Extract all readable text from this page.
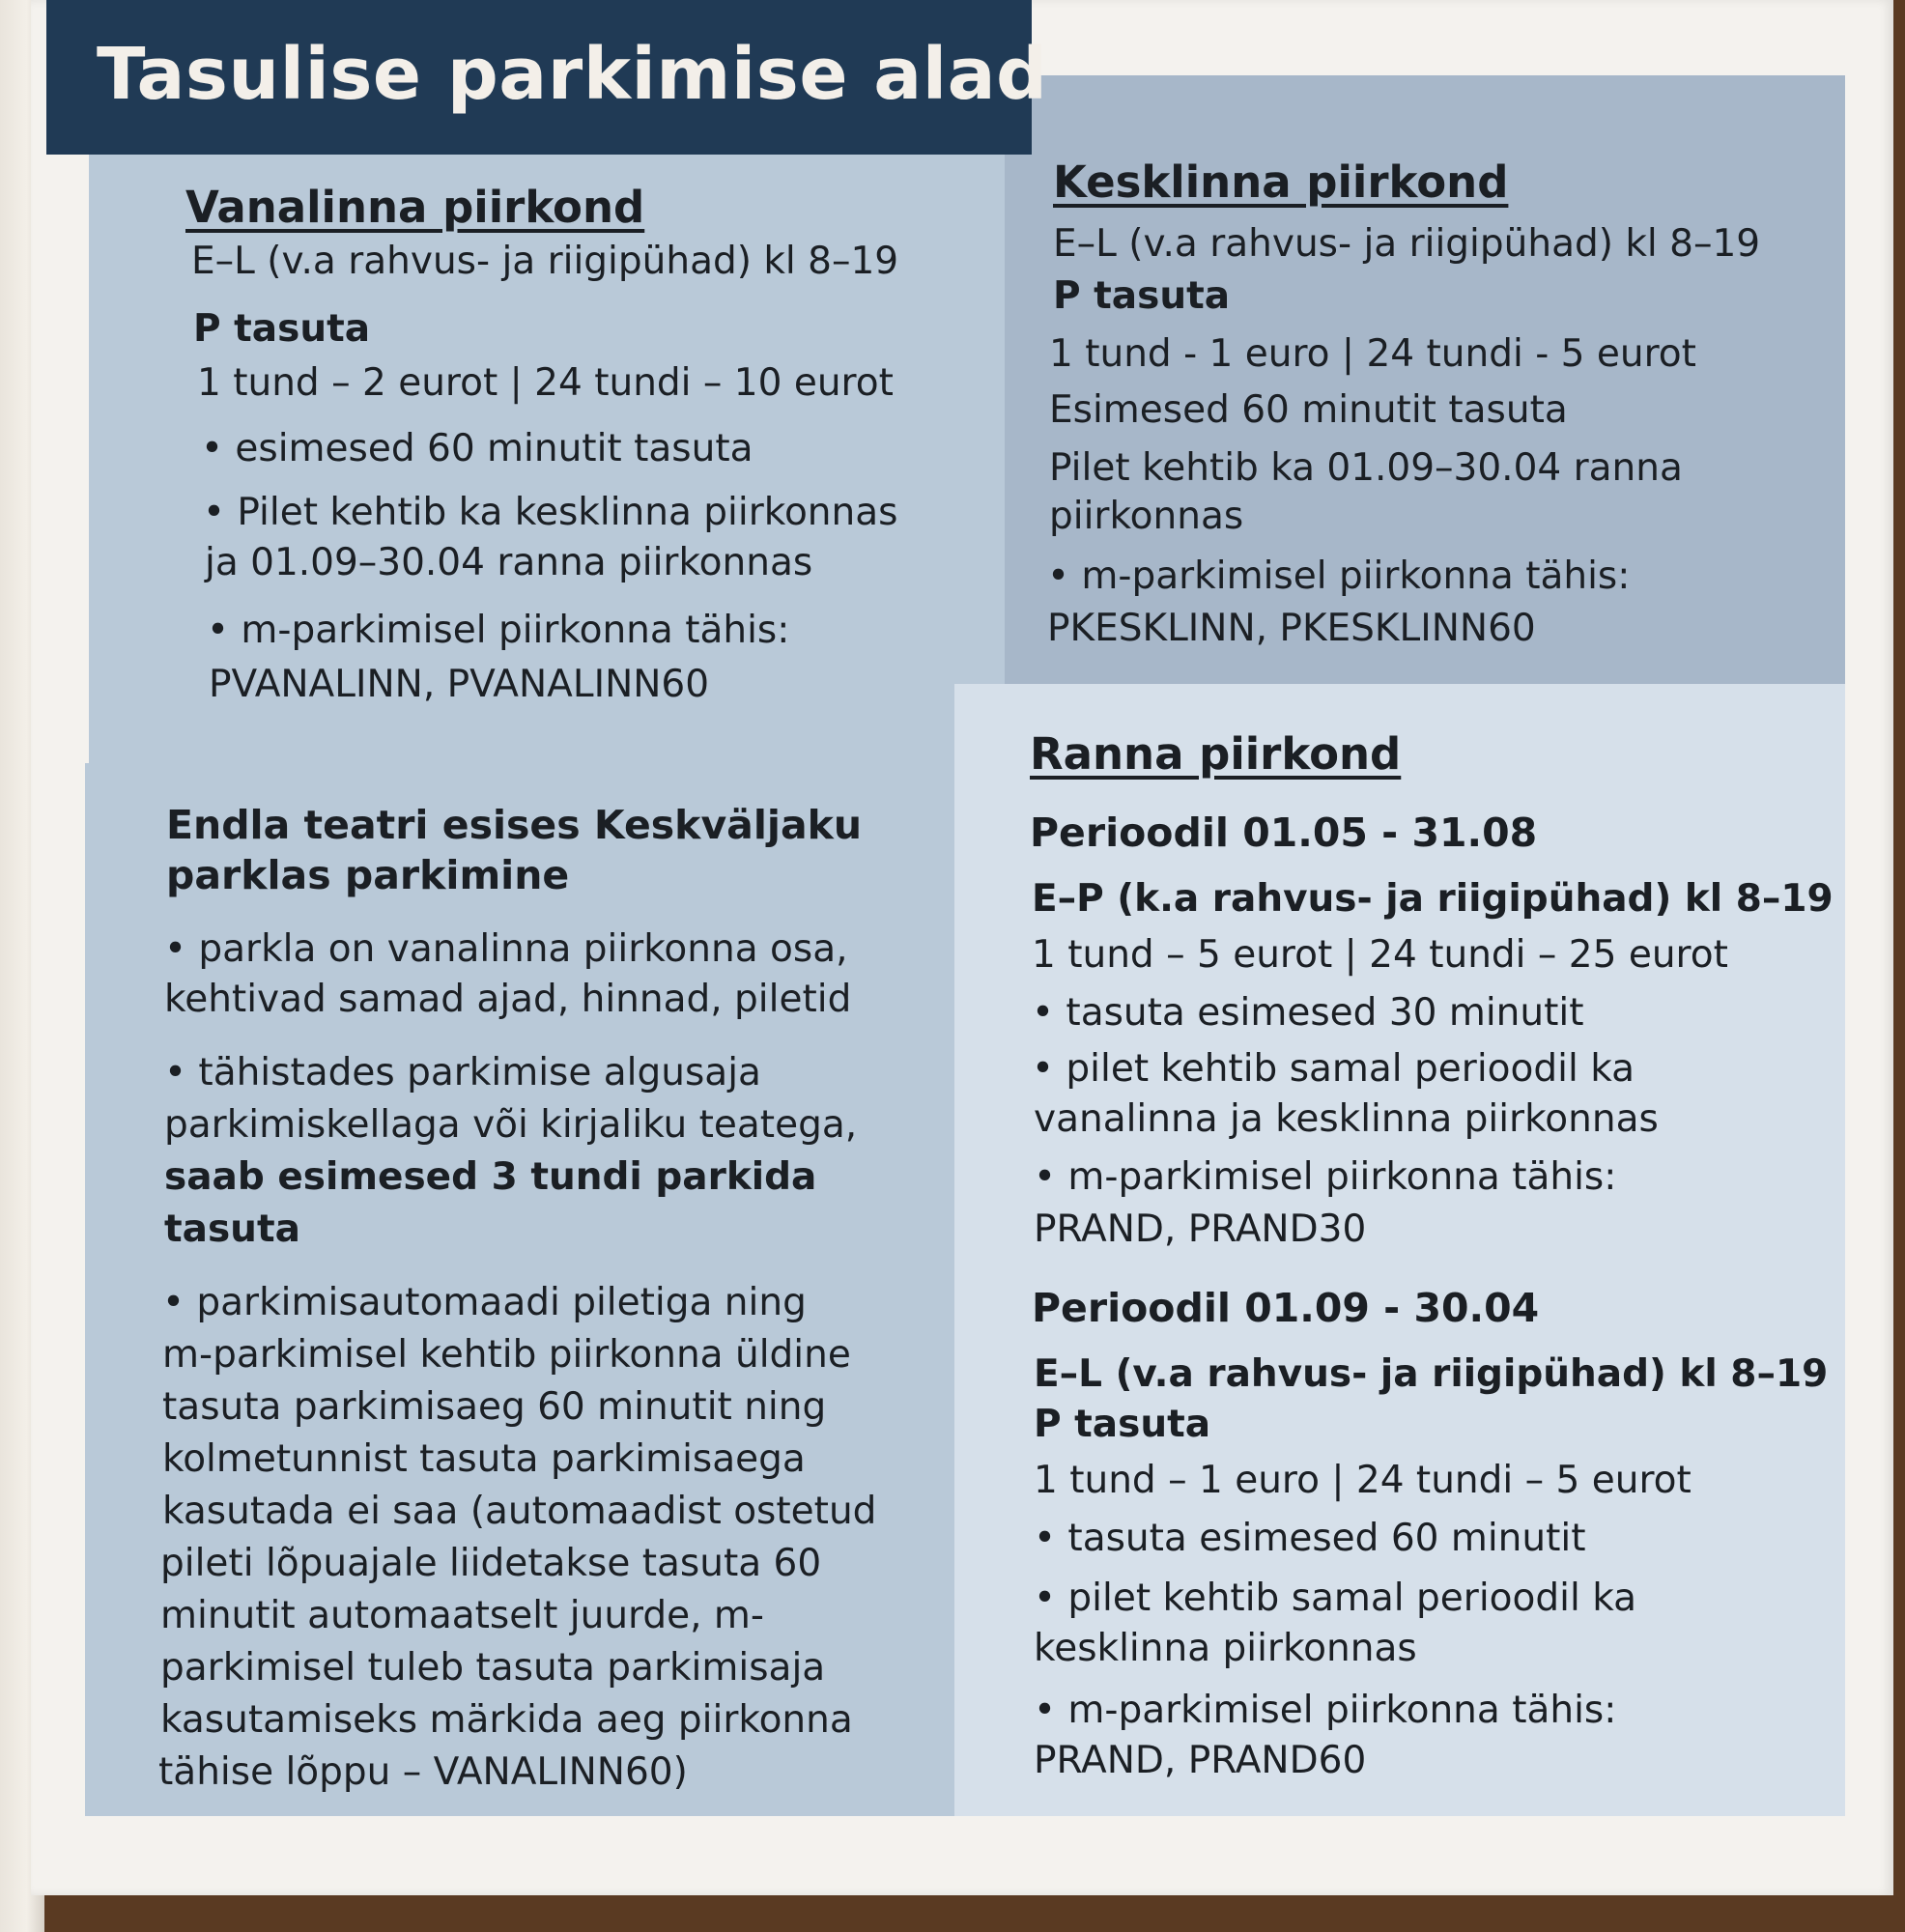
Tasulise parkimise alad
Vanalinna piirkond
E–L (v.a rahvus- ja riigipühad) kl 8–19
P tasuta
1 tund – 2 eurot | 24 tundi – 10 eurot
• esimesed 60 minutit tasuta
• Pilet kehtib ka kesklinna piirkonnas
ja 01.09–30.04 ranna piirkonnas
• m-parkimisel piirkonna tähis:
PVANALINN, PVANALINN60
Kesklinna piirkond
E–L (v.a rahvus- ja riigipühad) kl 8–19
P tasuta
1 tund - 1 euro | 24 tundi - 5 eurot
Esimesed 60 minutit tasuta
Pilet kehtib ka 01.09–30.04 ranna
piirkonnas
• m-parkimisel piirkonna tähis:
PKESKLINN, PKESKLINN60
Endla teatri esises Keskväljaku
parklas parkimine
• parkla on vanalinna piirkonna osa,
kehtivad samad ajad, hinnad, piletid
• tähistades parkimise algusaja
parkimiskellaga või kirjaliku teatega,
saab esimesed 3 tundi parkida
tasuta
• parkimisautomaadi piletiga ning
m-parkimisel kehtib piirkonna üldine
tasuta parkimisaeg 60 minutit ning
kolmetunnist tasuta parkimisaega
kasutada ei saa (automaadist ostetud
pileti lõpuajale liidetakse tasuta 60
minutit automaatselt juurde, m-
parkimisel tuleb tasuta parkimisaja
kasutamiseks märkida aeg piirkonna
tähise lõppu – VANALINN60)
Ranna piirkond
Perioodil 01.05 - 31.08
E–P (k.a rahvus- ja riigipühad) kl 8–19
1 tund – 5 eurot | 24 tundi – 25 eurot
• tasuta esimesed 30 minutit
• pilet kehtib samal perioodil ka
vanalinna ja kesklinna piirkonnas
• m-parkimisel piirkonna tähis:
PRAND, PRAND30
Perioodil 01.09 - 30.04
E–L (v.a rahvus- ja riigipühad) kl 8–19
P tasuta
1 tund – 1 euro | 24 tundi – 5 eurot
• tasuta esimesed 60 minutit
• pilet kehtib samal perioodil ka
kesklinna piirkonnas
• m-parkimisel piirkonna tähis:
PRAND, PRAND60
